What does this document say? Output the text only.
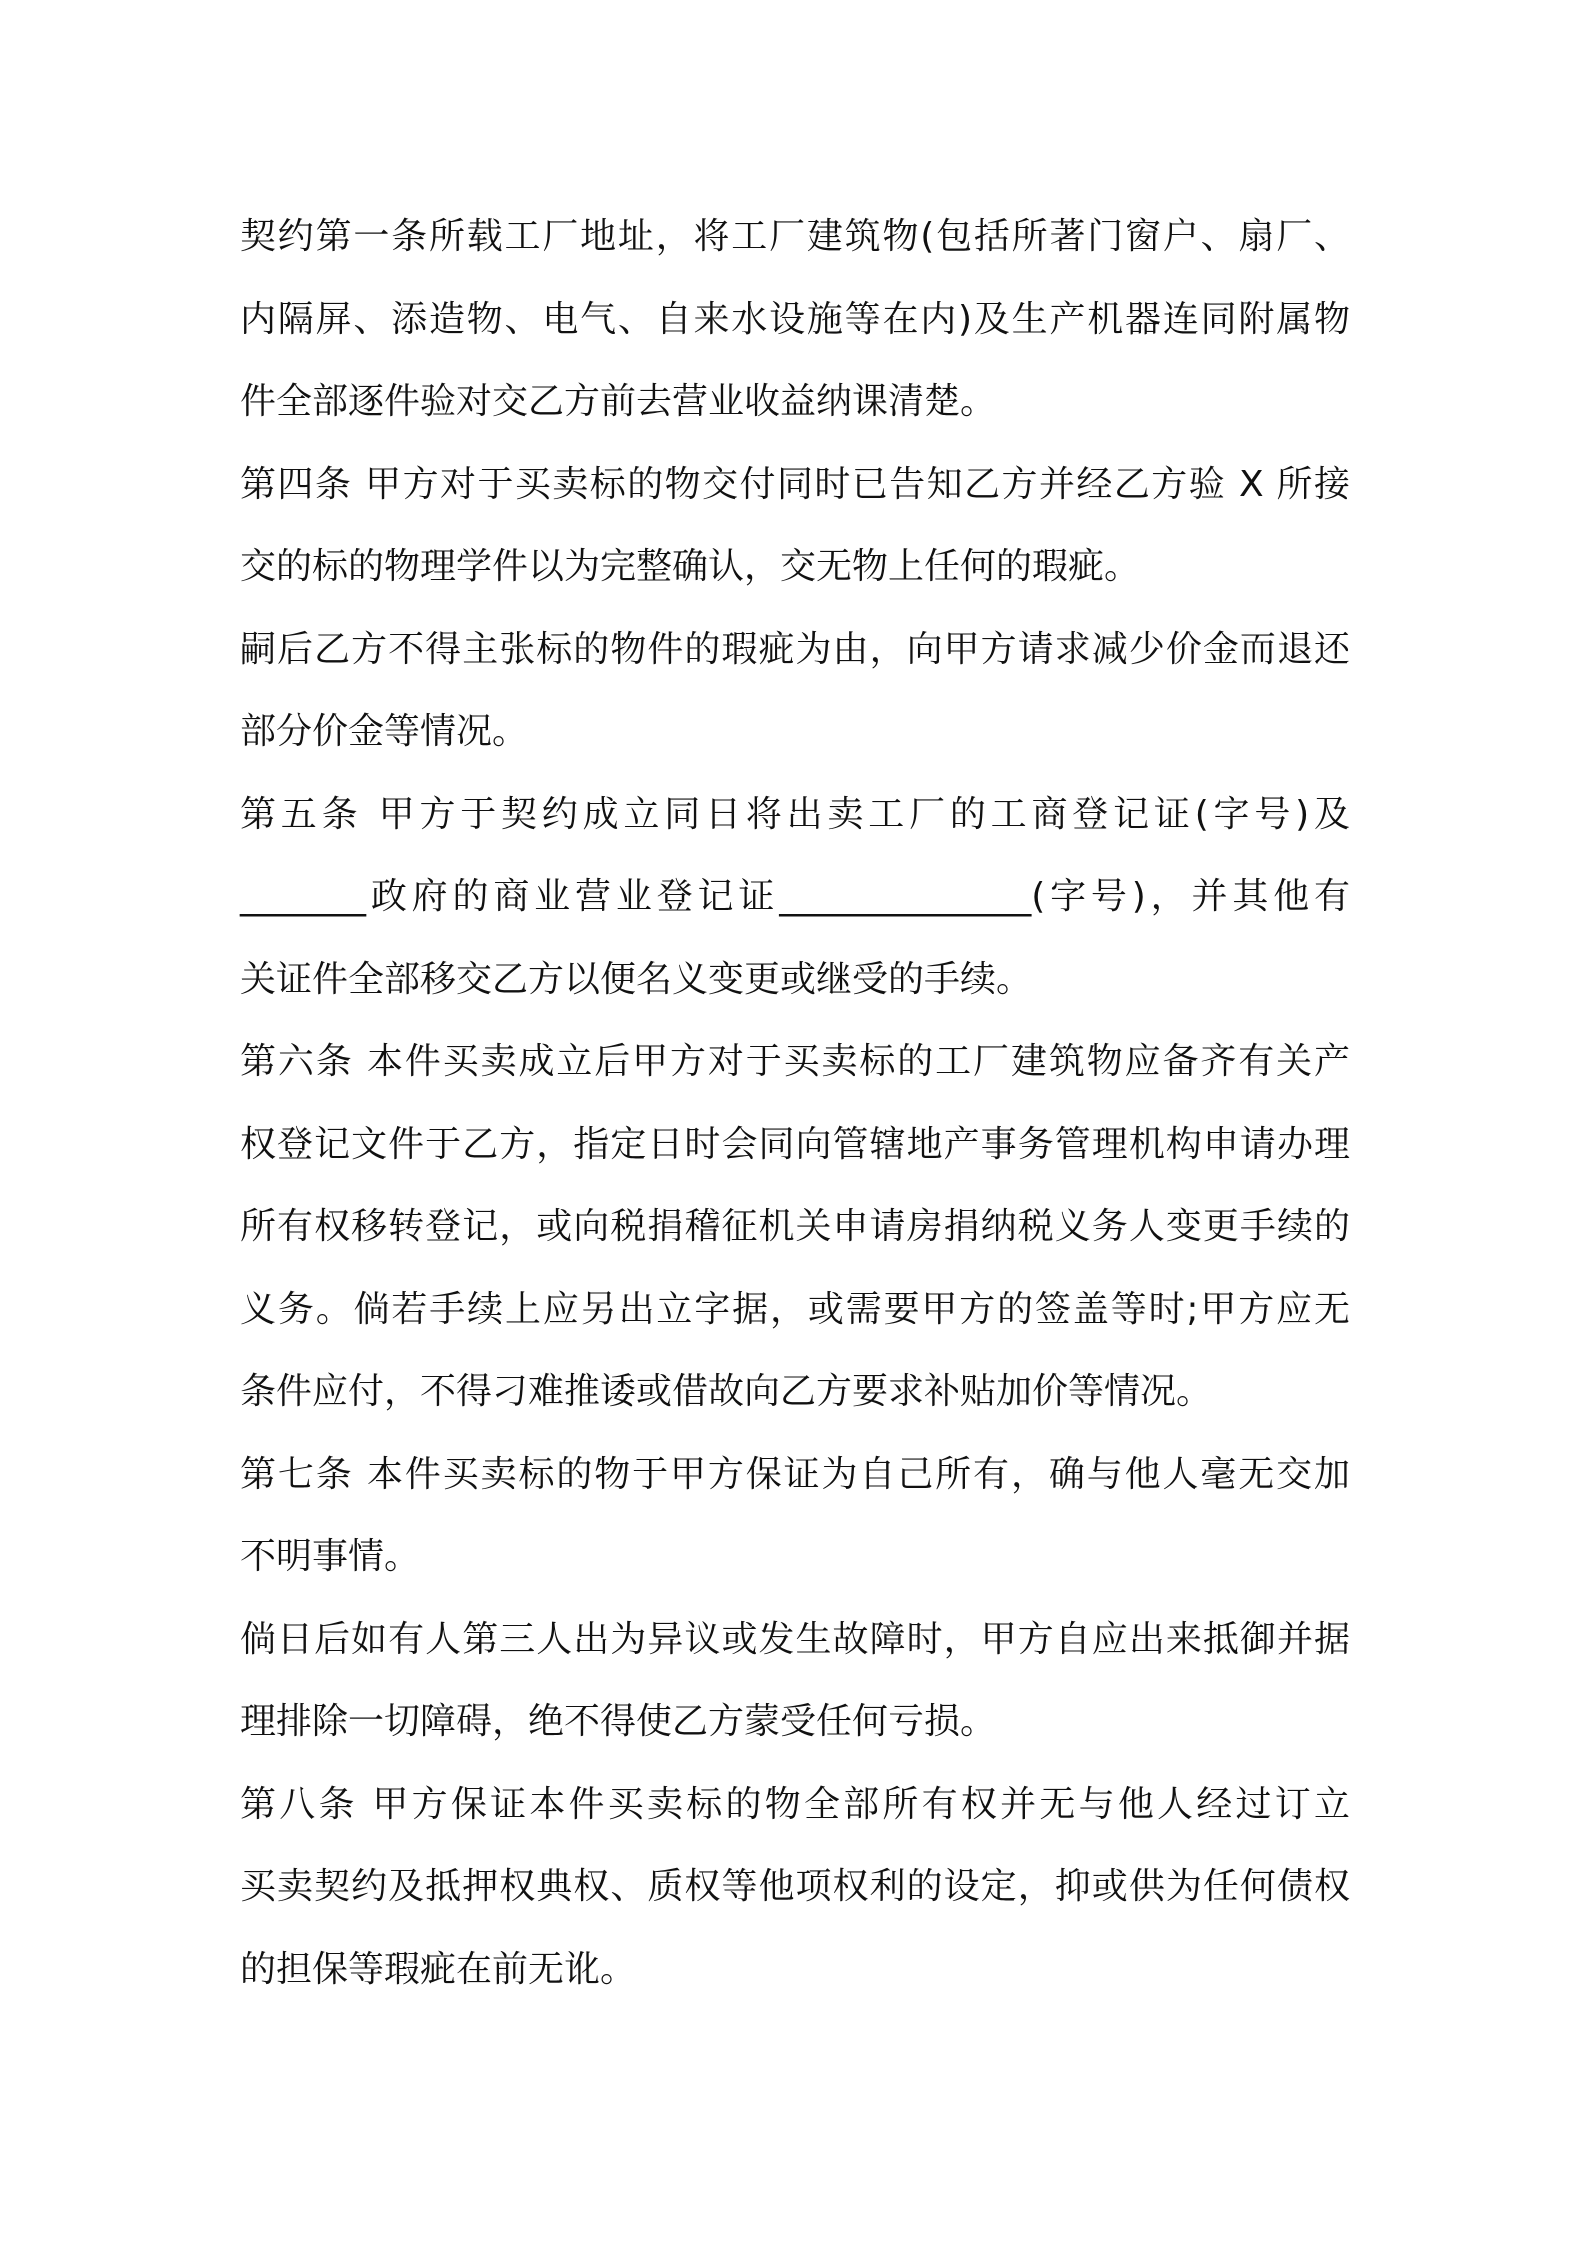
契约第一条所载工厂地址，将工厂建筑物(包括所著门窗户、扇厂、
内隔屏、添造物、电气、自来水设施等在内)及生产机器连同附属物
件全部逐件验对交乙方前去营业收益纳课清楚。
第四条 甲方对于买卖标的物交付同时已告知乙方并经乙方验 X 所接
交的标的物理学件以为完整确认，交无物上任何的瑕疵。
嗣后乙方不得主张标的物件的瑕疵为由，向甲方请求减少价金而退还
部分价金等情况。
第五条 甲方于契约成立同日将出卖工厂的工商登记证(字号)及
_______政府的商业营业登记证______________(字号)，并其他有
关证件全部移交乙方以便名义变更或继受的手续。
第六条 本件买卖成立后甲方对于买卖标的工厂建筑物应备齐有关产
权登记文件于乙方，指定日时会同向管辖地产事务管理机构申请办理
所有权移转登记，或向税捐稽征机关申请房捐纳税义务人变更手续的
义务。倘若手续上应另出立字据，或需要甲方的签盖等时;甲方应无
条件应付，不得刁难推诿或借故向乙方要求补贴加价等情况。
第七条 本件买卖标的物于甲方保证为自己所有，确与他人毫无交加
不明事情。
倘日后如有人第三人出为异议或发生故障时，甲方自应出来抵御并据
理排除一切障碍，绝不得使乙方蒙受任何亏损。
第八条 甲方保证本件买卖标的物全部所有权并无与他人经过订立
买卖契约及抵押权典权、质权等他项权利的设定，抑或供为任何债权
的担保等瑕疵在前无讹。
